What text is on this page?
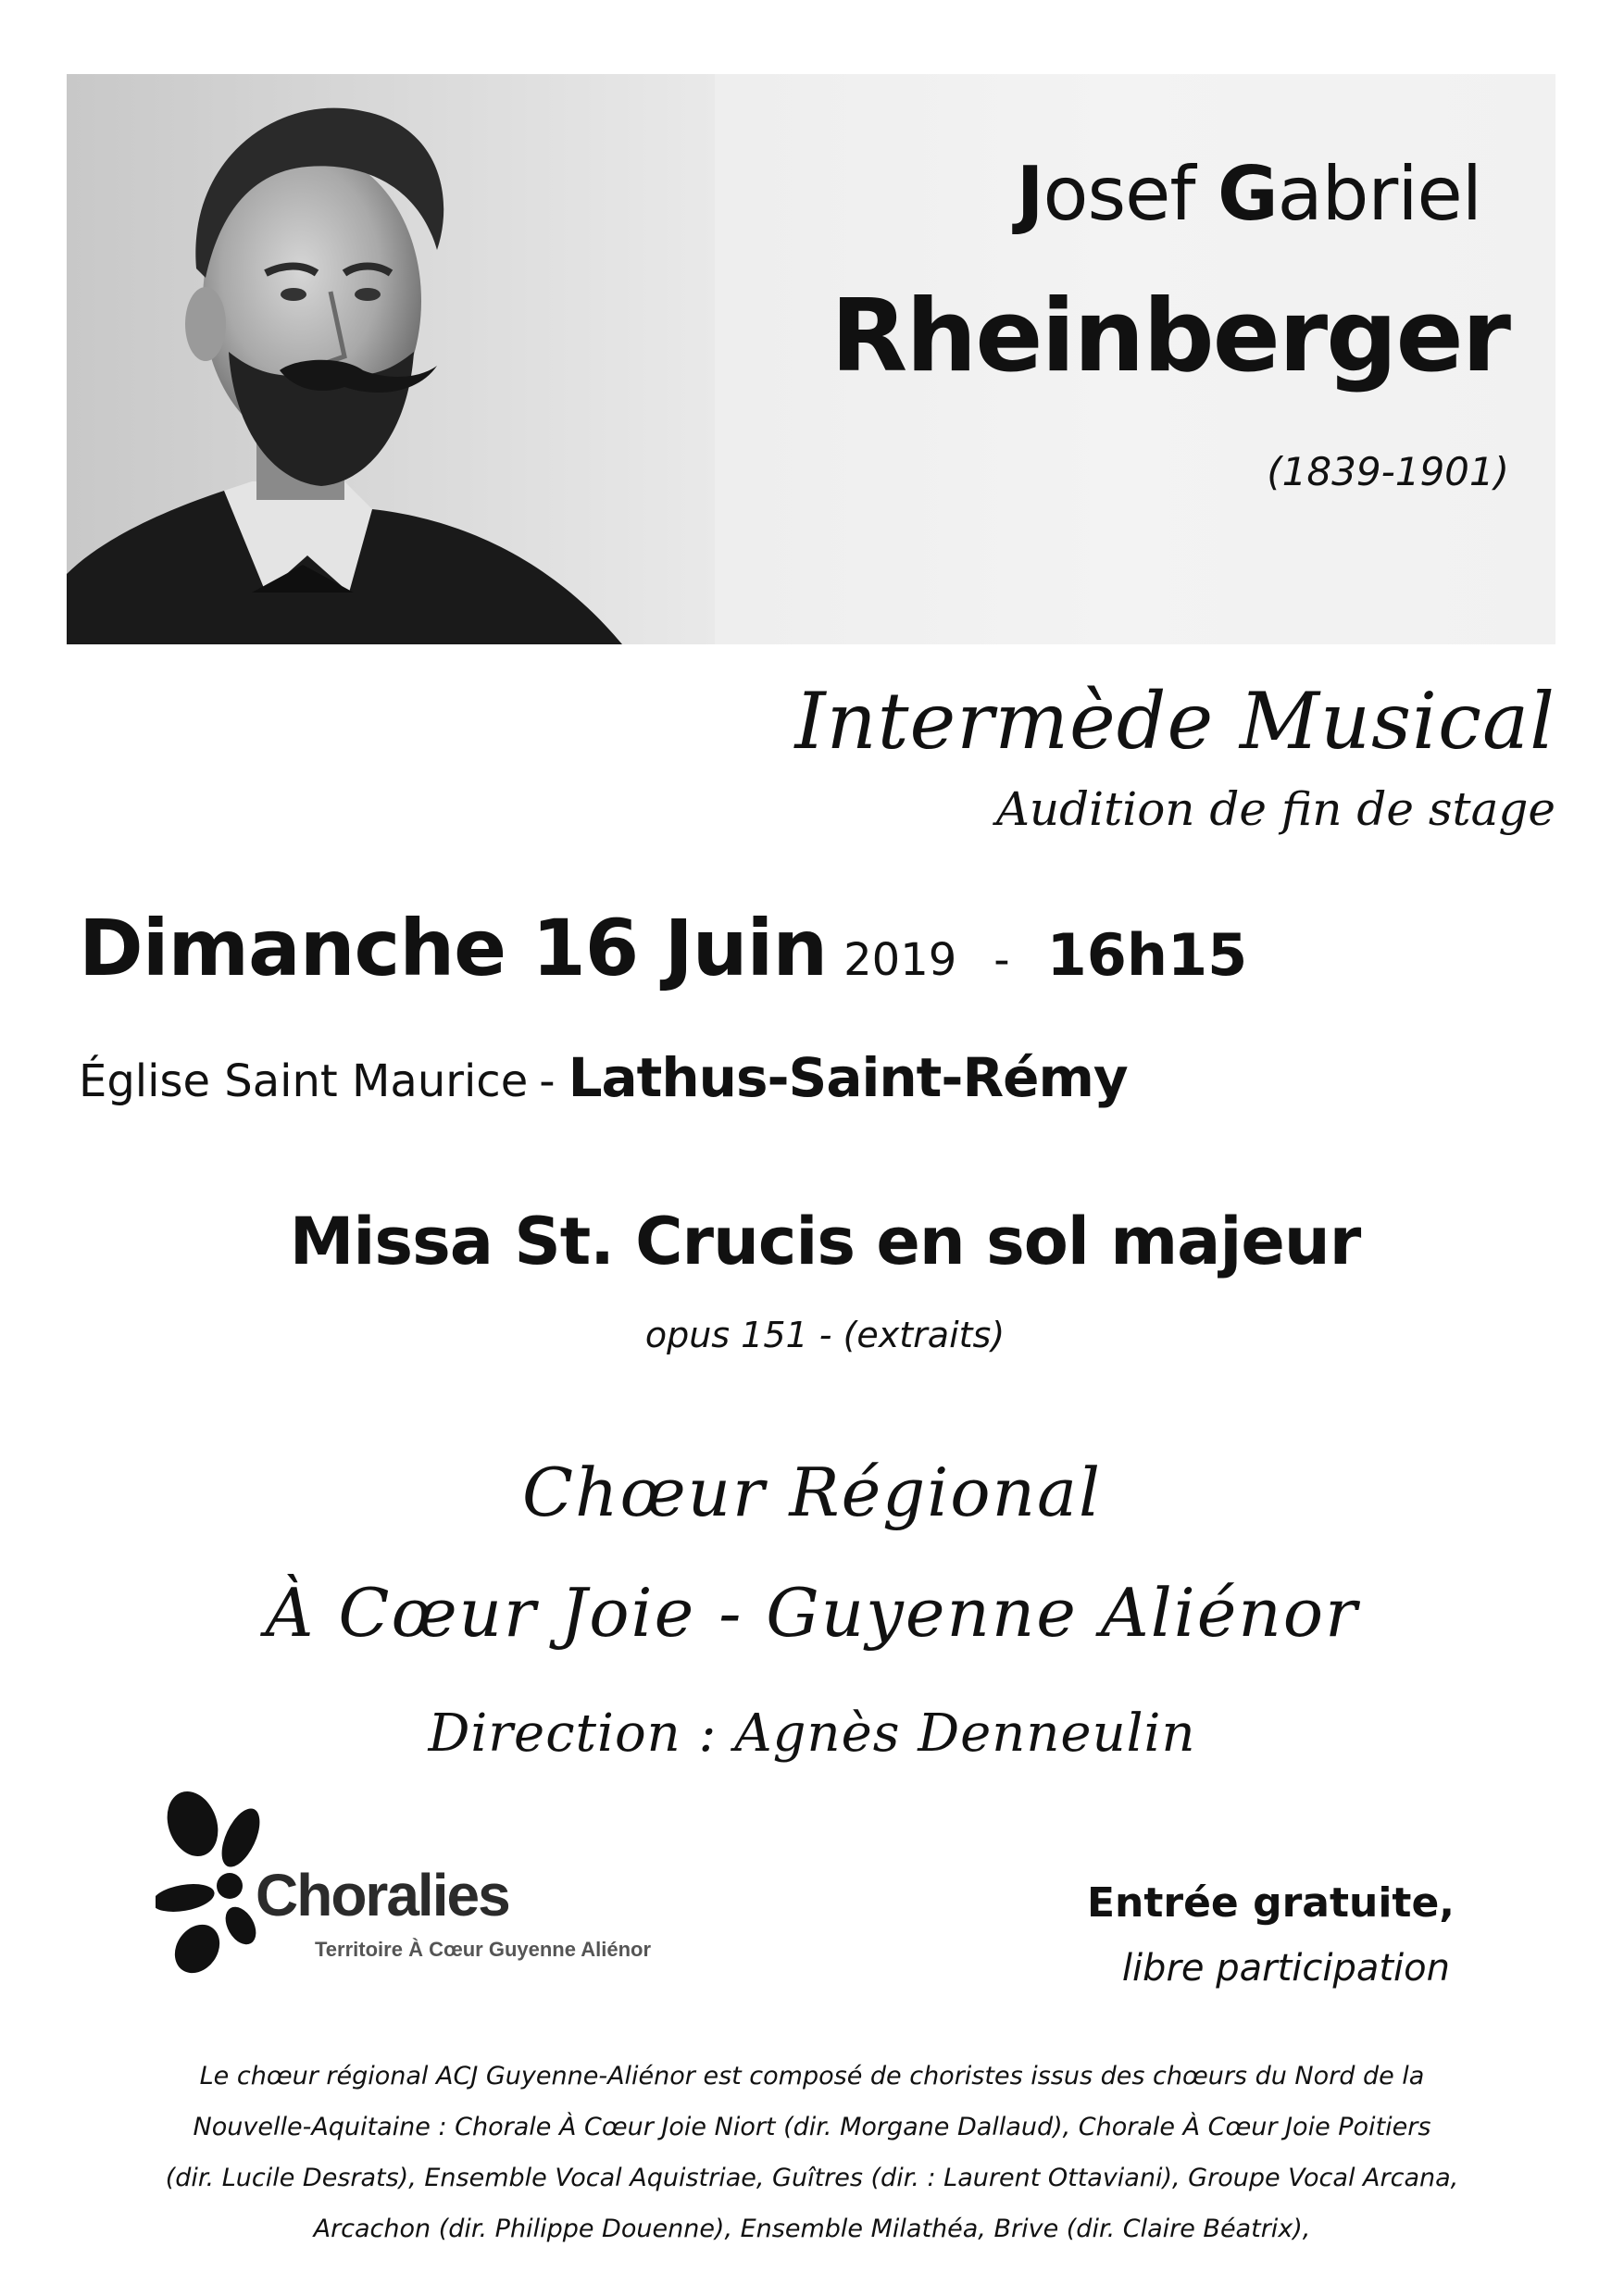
Josef Gabriel
Rheinberger
(1839-1901)
Intermède Musical
Audition de fin de stage
Dimanche 16 Juin 2019 - 16h15
Église Saint Maurice - Lathus-Saint-Rémy
Missa St. Crucis en sol majeur
opus 151 - (extraits)
Chœur Régional
À Cœur Joie - Guyenne Aliénor
Direction : Agnès Denneulin
Choralies
Territoire À Cœur Guyenne Aliénor
Entrée gratuite,
libre participation
Le chœur régional ACJ Guyenne-Aliénor est composé de choristes issus des chœurs du Nord de la
Nouvelle-Aquitaine : Chorale À Cœur Joie Niort (dir. Morgane Dallaud), Chorale À Cœur Joie Poitiers
(dir. Lucile Desrats), Ensemble Vocal Aquistriae, Guîtres (dir. : Laurent Ottaviani), Groupe Vocal Arcana,
Arcachon (dir. Philippe Douenne), Ensemble Milathéa, Brive (dir. Claire Béatrix),
